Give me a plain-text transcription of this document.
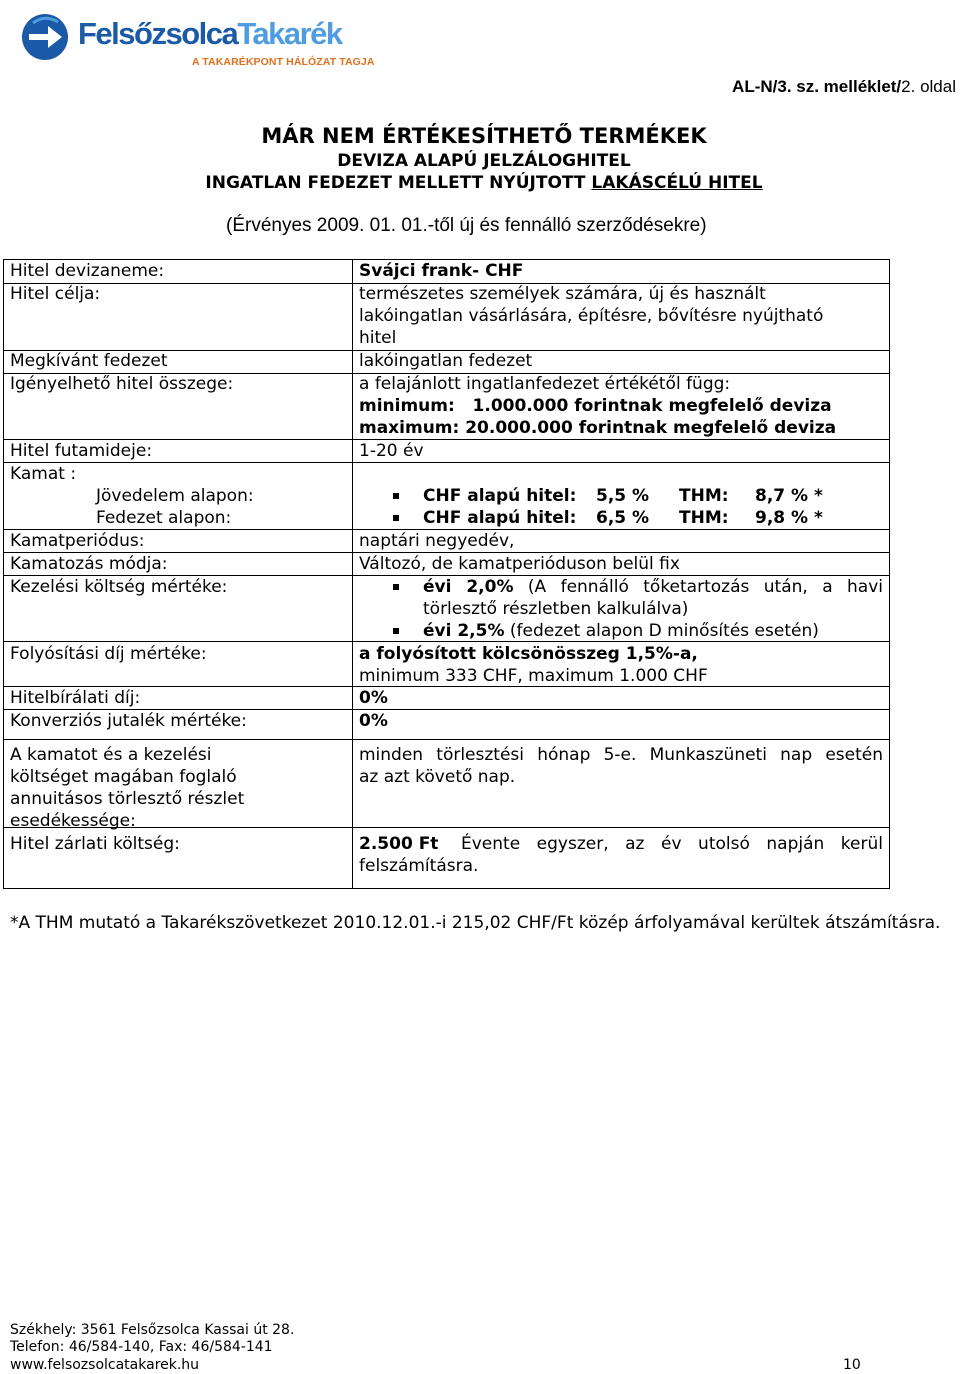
FelsőzsolcaTakarék
A TAKARÉKPONT HÁLÓZAT TAGJA
AL-N/3. sz. melléklet/2. oldal
MÁR NEM ÉRTÉKESÍTHETŐ TERMÉKEK
DEVIZA ALAPÚ JELZÁLOGHITEL
INGATLAN FEDEZET MELLETT NYÚJTOTT LAKÁSCÉLÚ HITEL
(Érvényes 2009. 01. 01.-től új és fennálló szerződésekre)
Hitel devizaneme:
Hitel célja:
Megkívánt fedezet
Igényelhető hitel összege:
Hitel futamideje:
Kamat :
Jövedelem alapon:
Fedezet alapon:
Kamatperiódus:
Kamatozás módja:
Kezelési költség mértéke:
Folyósítási díj mértéke:
Hitelbírálati díj:
Konverziós jutalék mértéke:
A kamatot és a kezelési
költséget magában foglaló
annuitásos törlesztő részlet
esedékessége:
Hitel zárlati költség:
Svájci frank- CHF
természetes személyek számára, új és használt
lakóingatlan vásárlására, építésre, bővítésre nyújtható
hitel
lakóingatlan fedezet
a felajánlott ingatlanfedezet értékétől függ:
minimum:   1.000.000 forintnak megfelelő deviza
maximum: 20.000.000 forintnak megfelelő deviza
1-20 év
CHF alapú hitel: 5,5 % THM: 8,7 % *
CHF alapú hitel: 6,5 % THM: 9,8 % *
naptári negyedév,
Változó, de kamatperióduson belül fix
évi 2,0% (A fennálló tőketartozás után, a havi
törlesztő részletben kalkulálva)
évi 2,5% (fedezet alapon D minősítés esetén)
a folyósított kölcsönösszeg 1,5%-a,
minimum 333 CHF, maximum 1.000 CHF
0%
0%
minden törlesztési hónap 5-e. Munkaszüneti nap esetén
az azt követő nap.
2.500 Ft Évente egyszer, az év utolsó napján kerül
felszámításra.
*A THM mutató a Takarékszövetkezet 2010.12.01.-i 215,02 CHF/Ft közép árfolyamával kerültek átszámításra.
Székhely: 3561 Felsőzsolca Kassai út 28.
Telefon: 46/584-140, Fax: 46/584-141
www.felsozsolcatakarek.hu	10
